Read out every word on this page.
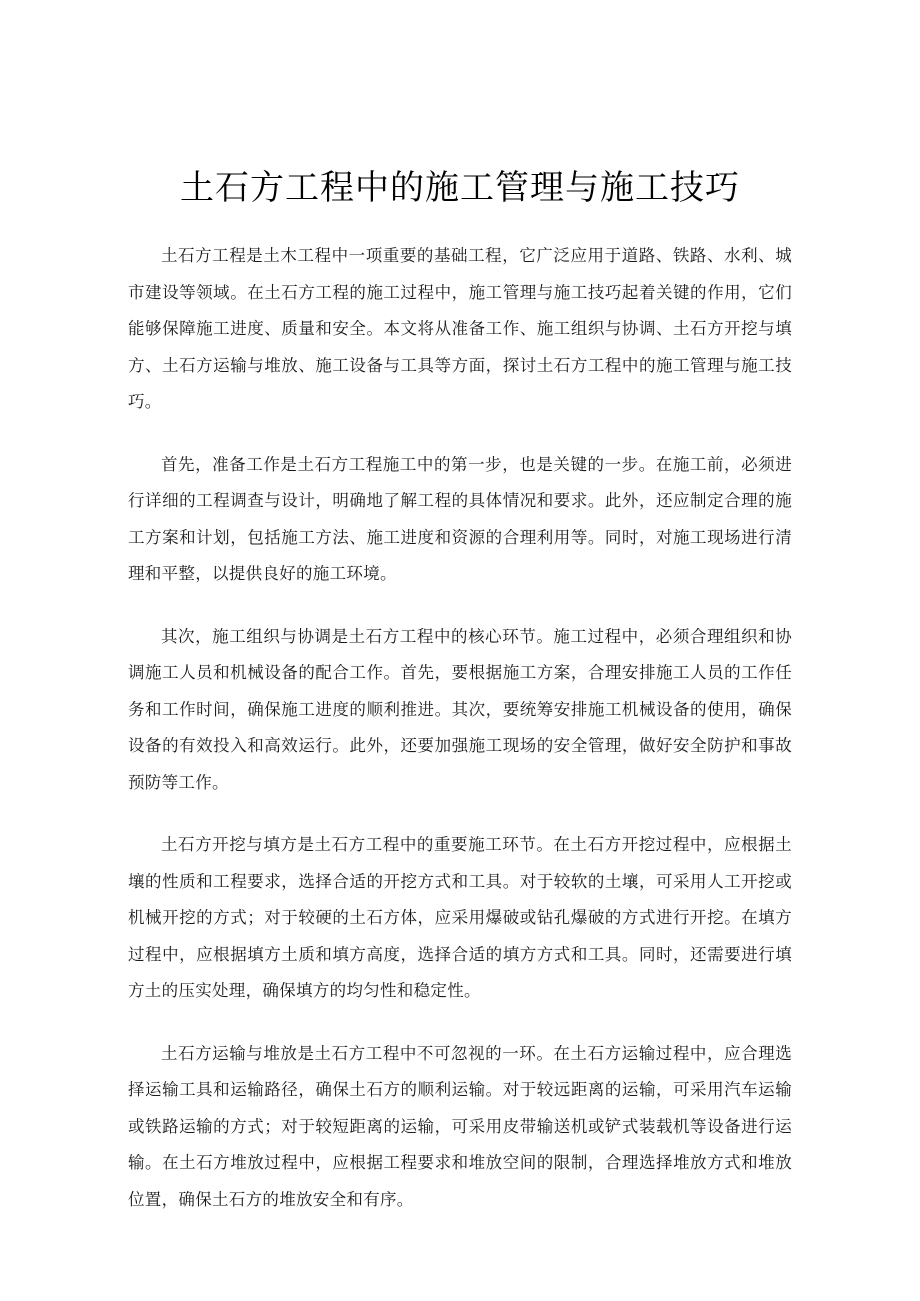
土石方工程中的施工管理与施工技巧

土石方工程是土木工程中一项重要的基础工程，它广泛应用于道路、铁路、水利、城市建设等领域。在土石方工程的施工过程中，施工管理与施工技巧起着关键的作用，它们能够保障施工进度、质量和安全。本文将从准备工作、施工组织与协调、土石方开挖与填方、土石方运输与堆放、施工设备与工具等方面，探讨土石方工程中的施工管理与施工技巧。

首先，准备工作是土石方工程施工中的第一步，也是关键的一步。在施工前，必须进行详细的工程调查与设计，明确地了解工程的具体情况和要求。此外，还应制定合理的施工方案和计划，包括施工方法、施工进度和资源的合理利用等。同时，对施工现场进行清理和平整，以提供良好的施工环境。

其次，施工组织与协调是土石方工程中的核心环节。施工过程中，必须合理组织和协调施工人员和机械设备的配合工作。首先，要根据施工方案，合理安排施工人员的工作任务和工作时间，确保施工进度的顺利推进。其次，要统筹安排施工机械设备的使用，确保设备的有效投入和高效运行。此外，还要加强施工现场的安全管理，做好安全防护和事故预防等工作。

土石方开挖与填方是土石方工程中的重要施工环节。在土石方开挖过程中，应根据土壤的性质和工程要求，选择合适的开挖方式和工具。对于较软的土壤，可采用人工开挖或机械开挖的方式；对于较硬的土石方体，应采用爆破或钻孔爆破的方式进行开挖。在填方过程中，应根据填方土质和填方高度，选择合适的填方方式和工具。同时，还需要进行填方土的压实处理，确保填方的均匀性和稳定性。

土石方运输与堆放是土石方工程中不可忽视的一环。在土石方运输过程中，应合理选择运输工具和运输路径，确保土石方的顺利运输。对于较远距离的运输，可采用汽车运输或铁路运输的方式；对于较短距离的运输，可采用皮带输送机或铲式装载机等设备进行运输。在土石方堆放过程中，应根据工程要求和堆放空间的限制，合理选择堆放方式和堆放位置，确保土石方的堆放安全和有序。
